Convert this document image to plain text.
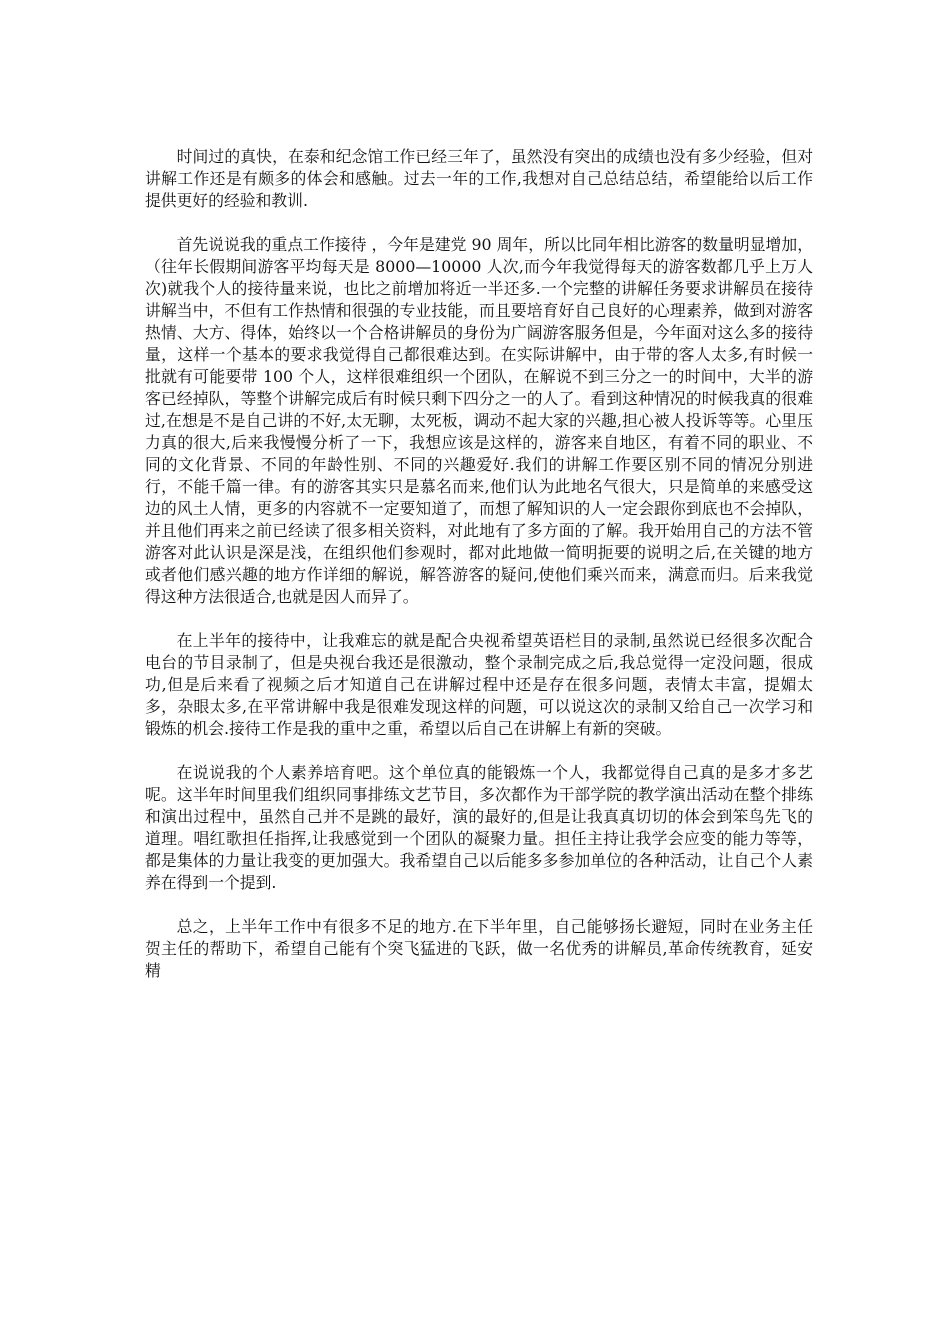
时间过的真快，在泰和纪念馆工作已经三年了，虽然没有突出的成绩也没有多少经验，但对讲解工作还是有颇多的体会和感触。过去一年的工作,我想对自己总结总结，希望能给以后工作提供更好的经验和教训.

首先说说我的重点工作接待 ，今年是建党 90 周年，所以比同年相比游客的数量明显增加，（往年长假期间游客平均每天是 8000—10000 人次,而今年我觉得每天的游客数都几乎上万人次)就我个人的接待量来说，也比之前增加将近一半还多.一个完整的讲解任务要求讲解员在接待讲解当中，不但有工作热情和很强的专业技能，而且要培育好自己良好的心理素养，做到对游客热情、大方、得体，始终以一个合格讲解员的身份为广阔游客服务但是，今年面对这么多的接待量，这样一个基本的要求我觉得自己都很难达到。在实际讲解中，由于带的客人太多,有时候一批就有可能要带 100 个人，这样很难组织一个团队，在解说不到三分之一的时间中，大半的游客已经掉队，等整个讲解完成后有时候只剩下四分之一的人了。看到这种情况的时候我真的很难过,在想是不是自己讲的不好,太无聊，太死板，调动不起大家的兴趣,担心被人投诉等等。心里压力真的很大,后来我慢慢分析了一下，我想应该是这样的，游客来自地区，有着不同的职业、不同的文化背景、不同的年龄性别、不同的兴趣爱好.我们的讲解工作要区别不同的情况分别进行，不能千篇一律。有的游客其实只是慕名而来,他们认为此地名气很大，只是简单的来感受这边的风土人情，更多的内容就不一定要知道了，而想了解知识的人一定会跟你到底也不会掉队，并且他们再来之前已经读了很多相关资料，对此地有了多方面的了解。我开始用自己的方法不管游客对此认识是深是浅，在组织他们参观时，都对此地做一简明扼要的说明之后,在关键的地方或者他们感兴趣的地方作详细的解说，解答游客的疑问,使他们乘兴而来，满意而归。后来我觉得这种方法很适合,也就是因人而异了。

在上半年的接待中，让我难忘的就是配合央视希望英语栏目的录制,虽然说已经很多次配合电台的节目录制了，但是央视台我还是很激动，整个录制完成之后,我总觉得一定没问题，很成功,但是后来看了视频之后才知道自己在讲解过程中还是存在很多问题，表情太丰富，提媚太多，杂眼太多,在平常讲解中我是很难发现这样的问题，可以说这次的录制又给自己一次学习和锻炼的机会.接待工作是我的重中之重，希望以后自己在讲解上有新的突破。

在说说我的个人素养培育吧。这个单位真的能锻炼一个人，我都觉得自己真的是多才多艺呢。这半年时间里我们组织同事排练文艺节目，多次都作为干部学院的教学演出活动在整个排练和演出过程中，虽然自己并不是跳的最好，演的最好的,但是让我真真切切的体会到笨鸟先飞的道理。唱红歌担任指挥,让我感觉到一个团队的凝聚力量。担任主持让我学会应变的能力等等，都是集体的力量让我变的更加强大。我希望自己以后能多多参加单位的各种活动，让自己个人素养在得到一个提到.

总之，上半年工作中有很多不足的地方.在下半年里，自己能够扬长避短，同时在业务主任贺主任的帮助下，希望自己能有个突飞猛进的飞跃，做一名优秀的讲解员,革命传统教育，延安精
